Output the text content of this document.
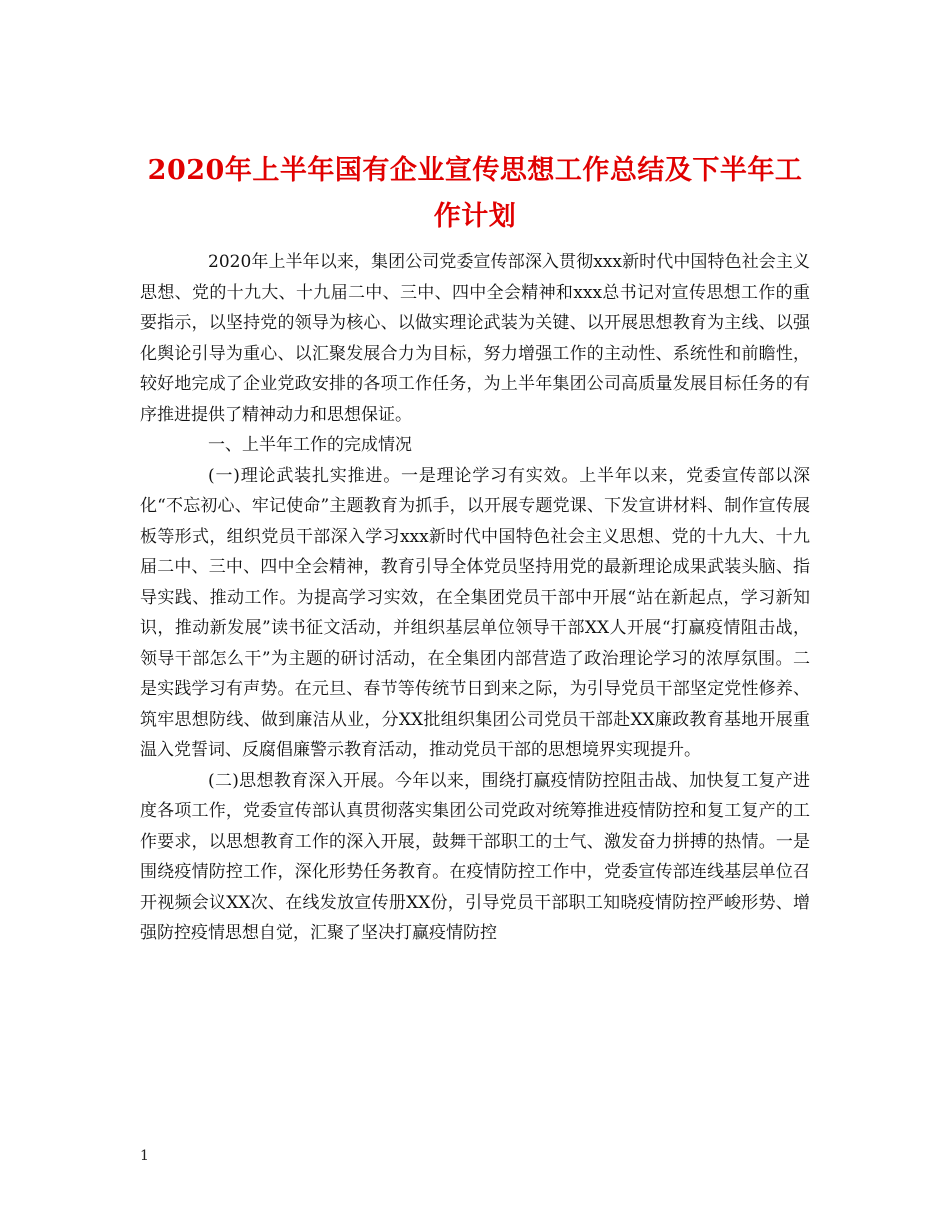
2020年上半年国有企业宣传思想工作总结及下半年工
作计划

2020年上半年以来，集团公司党委宣传部深入贯彻xxx新时代中国特色社会主义思想、党的十九大、十九届二中、三中、四中全会精神和xxx总书记对宣传思想工作的重要指示，以坚持党的领导为核心、以做实理论武装为关键、以开展思想教育为主线、以强化舆论引导为重心、以汇聚发展合力为目标，努力增强工作的主动性、系统性和前瞻性，较好地完成了企业党政安排的各项工作任务，为上半年集团公司高质量发展目标任务的有序推进提供了精神动力和思想保证。

一、上半年工作的完成情况

(一)理论武装扎实推进。一是理论学习有实效。上半年以来，党委宣传部以深化“不忘初心、牢记使命”主题教育为抓手，以开展专题党课、下发宣讲材料、制作宣传展板等形式，组织党员干部深入学习xxx新时代中国特色社会主义思想、党的十九大、十九届二中、三中、四中全会精神，教育引导全体党员坚持用党的最新理论成果武装头脑、指导实践、推动工作。为提高学习实效，在全集团党员干部中开展“站在新起点，学习新知识，推动新发展”读书征文活动，并组织基层单位领导干部XX人开展“打赢疫情阻击战，领导干部怎么干”为主题的研讨活动，在全集团内部营造了政治理论学习的浓厚氛围。二是实践学习有声势。在元旦、春节等传统节日到来之际，为引导党员干部坚定党性修养、筑牢思想防线、做到廉洁从业，分XX批组织集团公司党员干部赴XX廉政教育基地开展重温入党誓词、反腐倡廉警示教育活动，推动党员干部的思想境界实现提升。

(二)思想教育深入开展。今年以来，围绕打赢疫情防控阻击战、加快复工复产进度各项工作，党委宣传部认真贯彻落实集团公司党政对统筹推进疫情防控和复工复产的工作要求，以思想教育工作的深入开展，鼓舞干部职工的士气、激发奋力拼搏的热情。一是围绕疫情防控工作，深化形势任务教育。在疫情防控工作中，党委宣传部连线基层单位召开视频会议XX次、在线发放宣传册XX份，引导党员干部职工知晓疫情防控严峻形势、增强防控疫情思想自觉，汇聚了坚决打赢疫情防控

1
